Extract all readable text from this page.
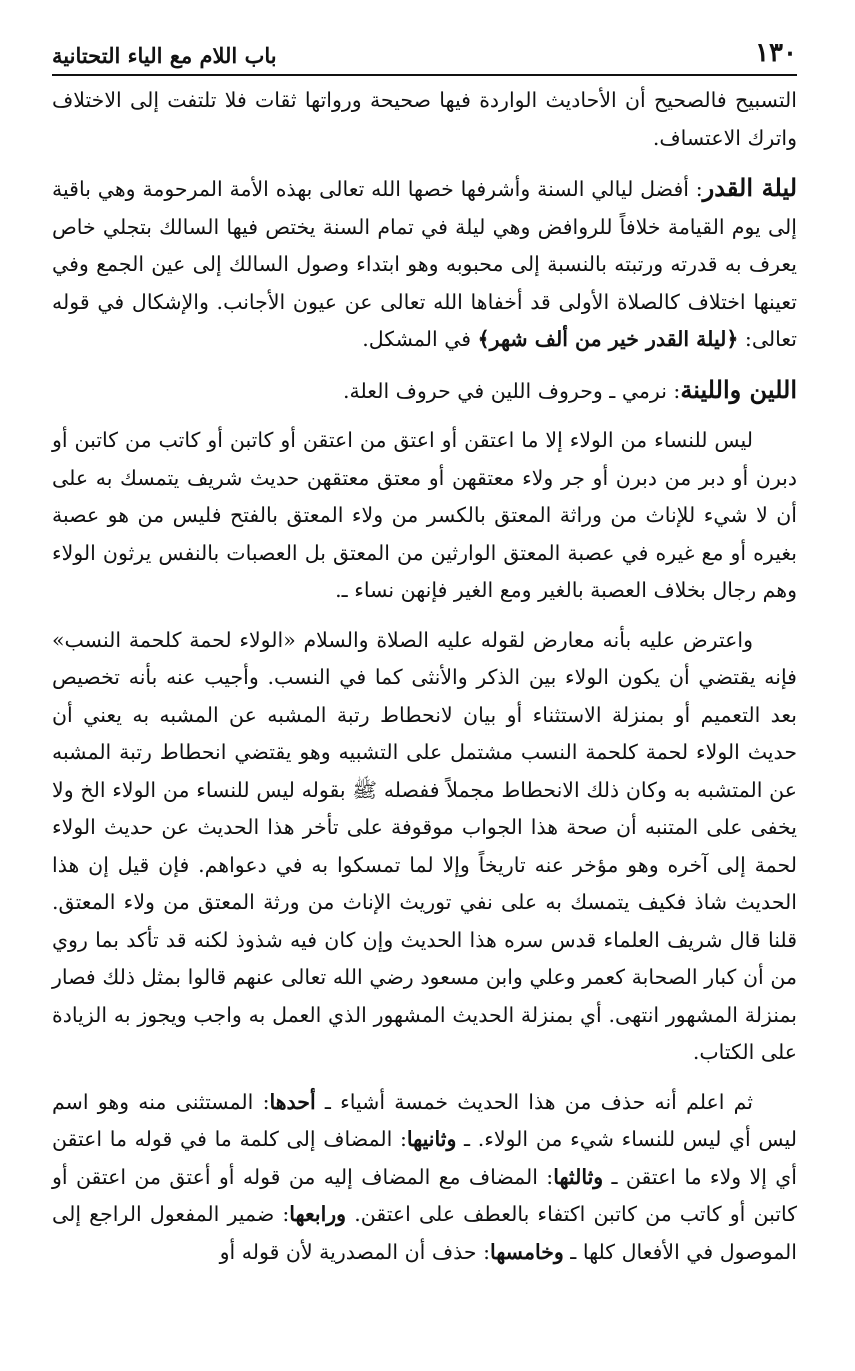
١٣٠
باب اللام مع الياء التحتانية

التسبيح فالصحيح أن الأحاديث الواردة فيها صحيحة ورواتها ثقات فلا تلتفت إلى الاختلاف واترك الاعتساف.

ليلة القدر: أفضل ليالي السنة وأشرفها خصها الله تعالى بهذه الأمة المرحومة وهي باقية إلى يوم القيامة خلافاً للروافض وهي ليلة في تمام السنة يختص فيها السالك بتجلي خاص يعرف به قدرته ورتبته بالنسبة إلى محبوبه وهو ابتداء وصول السالك إلى عين الجمع وفي تعينها اختلاف كالصلاة الأولى قد أخفاها الله تعالى عن عيون الأجانب. والإشكال في قوله تعالى: ﴿ليلة القدر خير من ألف شهر﴾ في المشكل.

اللين واللينة: نرمي ـ وحروف اللين في حروف العلة.

ليس للنساء من الولاء إلا ما اعتقن أو اعتق من اعتقن أو كاتبن أو كاتب من كاتبن أو دبرن أو دبر من دبرن أو جر ولاء معتقهن أو معتق معتقهن حديث شريف يتمسك به على أن لا شيء للإناث من وراثة المعتق بالكسر من ولاء المعتق بالفتح فليس من هو عصبة بغيره أو مع غيره في عصبة المعتق الوارثين من المعتق بل العصبات بالنفس يرثون الولاء وهم رجال بخلاف العصبة بالغير ومع الغير فإنهن نساء ـ.

واعترض عليه بأنه معارض لقوله عليه الصلاة والسلام «الولاء لحمة كلحمة النسب» فإنه يقتضي أن يكون الولاء بين الذكر والأنثى كما في النسب. وأجيب عنه بأنه تخصيص بعد التعميم أو بمنزلة الاستثناء أو بيان لانحطاط رتبة المشبه عن المشبه به يعني أن حديث الولاء لحمة كلحمة النسب مشتمل على التشبيه وهو يقتضي انحطاط رتبة المشبه عن المتشبه به وكان ذلك الانحطاط مجملاً ففصله ﷺ بقوله ليس للنساء من الولاء الخ ولا يخفى على المتنبه أن صحة هذا الجواب موقوفة على تأخر هذا الحديث عن حديث الولاء لحمة إلى آخره وهو مؤخر عنه تاريخاً وإلا لما تمسكوا به في دعواهم. فإن قيل إن هذا الحديث شاذ فكيف يتمسك به على نفي توريث الإناث من ورثة المعتق من ولاء المعتق. قلنا قال شريف العلماء قدس سره هذا الحديث وإن كان فيه شذوذ لكنه قد تأكد بما روي من أن كبار الصحابة كعمر وعلي وابن مسعود رضي الله تعالى عنهم قالوا بمثل ذلك فصار بمنزلة المشهور انتهى. أي بمنزلة الحديث المشهور الذي العمل به واجب ويجوز به الزيادة على الكتاب.

ثم اعلم أنه حذف من هذا الحديث خمسة أشياء ـ أحدها: المستثنى منه وهو اسم ليس أي ليس للنساء شيء من الولاء. ـ وثانيها: المضاف إلى كلمة ما في قوله ما اعتقن أي إلا ولاء ما اعتقن ـ وثالثها: المضاف مع المضاف إليه من قوله أو أعتق من اعتقن أو كاتبن أو كاتب من كاتبن اكتفاء بالعطف على اعتقن. ورابعها: ضمير المفعول الراجع إلى الموصول في الأفعال كلها ـ وخامسها: حذف أن المصدرية لأن قوله أو
